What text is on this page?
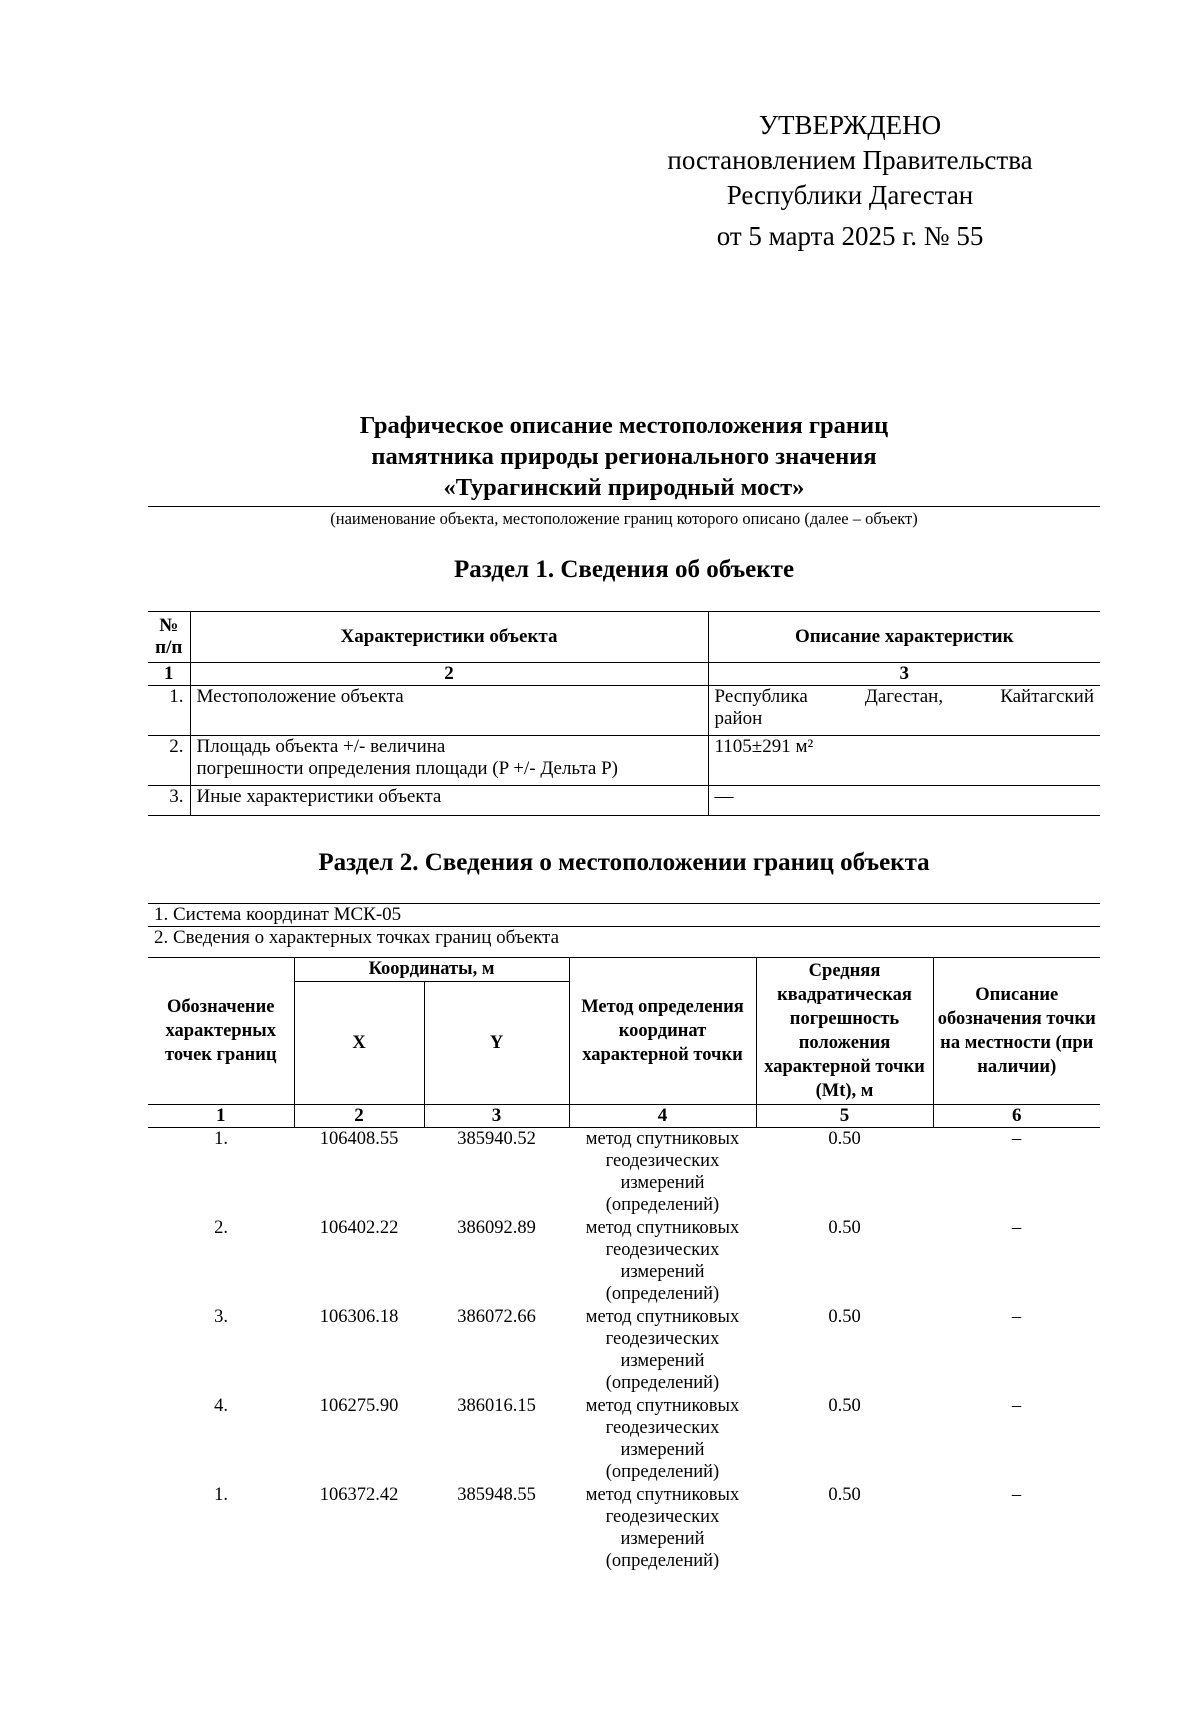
УТВЕРЖДЕНО
постановлением Правительства
Республики Дагестан
от 5 марта 2025 г. № 55
Графическое описание местоположения границ
памятника природы регионального значения
«Турагинский природный мост»
(наименование объекта, местоположение границ которого описано (далее – объект)
Раздел 1. Сведения об объекте
№ п/п	Характеристики объекта	Описание характеристик
1	2	3
1.	Местоположение объекта	Республика Дагестан, Кайтагский
район

2.	Площадь объекта +/- величина
погрешности определения площади (P +/- Дельта P)	1105±291 м²
3.	Иные характеристики объекта	—
Раздел 2. Сведения о местоположении границ объекта
1. Система координат МСК-05
2. Сведения о характерных точках границ объекта
Обозначение характерных точек границ	Координаты, м		Метод определения координат характерной точки	Средняя квадратическая погрешность положения характерной точки (Mt), м	Описание обозначения точки на местности (при наличии)
	X	Y			
1	2	3	4	5	6
1.	106408.55	385940.52	метод спутниковых геодезических измерений (определений)	0.50	–
2.	106402.22	386092.89	метод спутниковых геодезических измерений (определений)	0.50	–
3.	106306.18	386072.66	метод спутниковых геодезических измерений (определений)	0.50	–
4.	106275.90	386016.15	метод спутниковых геодезических измерений (определений)	0.50	–
1.	106372.42	385948.55	метод спутниковых геодезических измерений (определений)	0.50	–
